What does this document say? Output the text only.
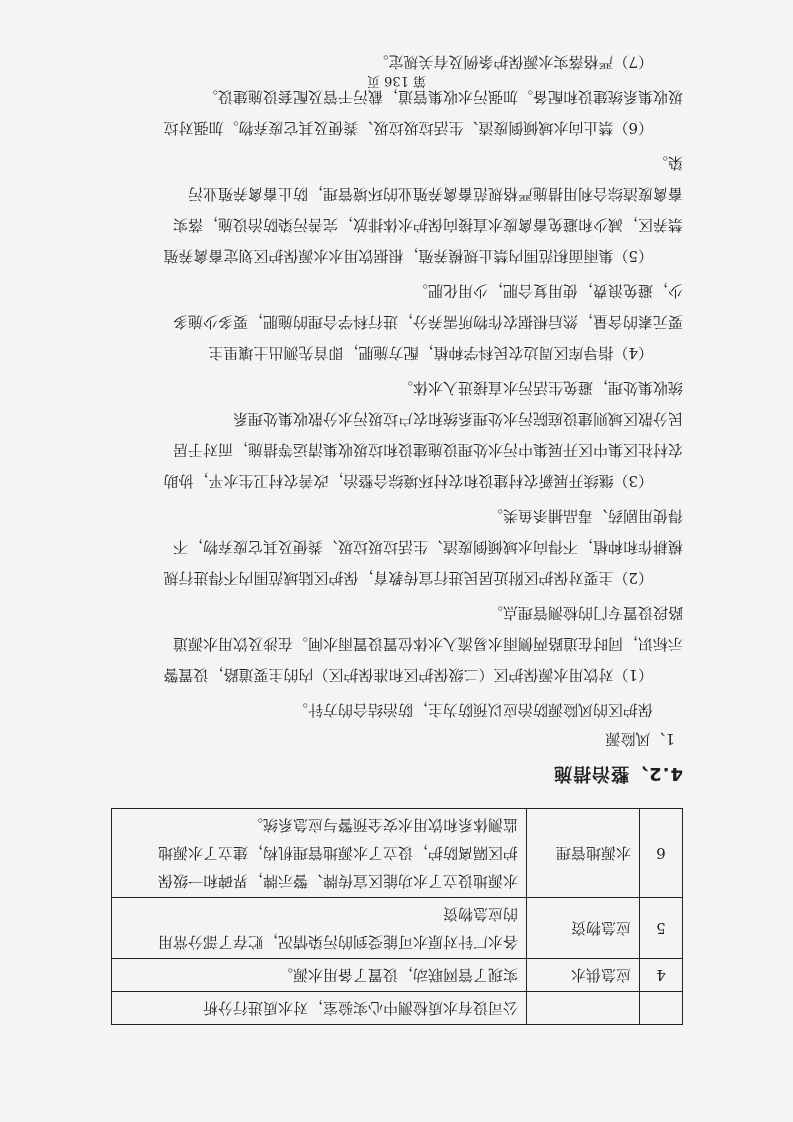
		公司设有水质检测中心实验室，对水质进行分析

4	应急供水	实现了管网联动，设置了备用水源。

5	应急物资	各水厂针对原水可能受到的污染情况，贮存了部分常用
的应急物资

6	水源地管理	水源地设立了水功能区宣传牌、警示牌，界碑和一级保
护区隔离防护，设立了水源地管理机构，建立了水源地
监测体系和饮用水安全预警与应急系统。
4.2、整治措施
1、风险源
保护区的风险源防治应以预防为主，防治结合的方针。
（1）对饮用水源保护区（二级保护区和准保护区）内的主要道路，设置警
示标识，同时在道路两侧雨水易流入水体位置设置雨水闸。在涉及饮用水源道
路段设置专门的检测管理点。
（2）主要对保护区附近居民进行宣传教育，保护区陆域范围内不得进行规
模耕作和种植，不得向水域倾倒废渣、生活垃圾垃圾、粪便及其它废弃物，不
得使用剧药、毒品捕杀鱼类。
（3）继续开展新农村建设和农村环境综合整治，改善农村卫生水平，协助
农村社区集中区开展集中污水处理设施建设和垃圾收集清运等措施，而对于居
民分散区域则建设庭院污水处理系统和农户垃圾污水分散收集处理系
统收集处理，避免生活污水直接进入水体。
（4）指导库区周边农民科学种植，配方施肥，即首先测出土壤里主
要元素的含量，然后根据农作物所需养分，进行科学合理的施肥，要多少施多
少，避免浪费，使用复合肥，少用化肥。
（5）集雨面积范围内禁止规模养殖，根据饮用水水源保护区划定畜禽养殖
禁养区，减少和避免畜禽废水直接向保护水体排放，完善污染防治设施，落实
畜禽废渣综合利用措施严格规范畜禽养殖业的环境管理，防止畜禽养殖业污
染。
（6）禁止向水域倾倒废渣、生活垃圾垃圾、粪便及其它废弃物。加强对垃
圾收集系统建设和配备。加强污水收集管道，截污干管及配套设施建设。
（7）严格落实水源保护条例及有关规定。
第 136 页
